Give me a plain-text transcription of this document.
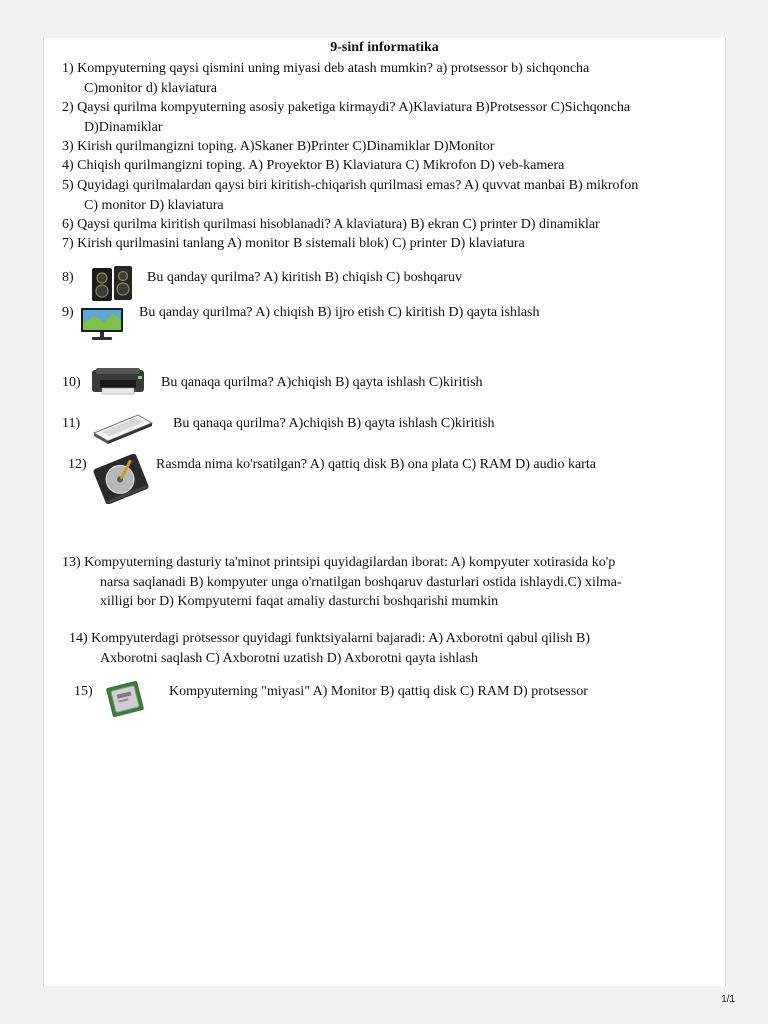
9-sinf informatika
1) Kompyuterning qaysi qismini uning miyasi deb atash mumkin? a) protsessor b) sichqoncha
C)monitor d) klaviatura
2) Qaysi qurilma kompyuterning asosiy paketiga kirmaydi? A)Klaviatura B)Protsessor C)Sichqoncha
D)Dinamiklar
3) Kirish qurilmangizni toping. A)Skaner B)Printer C)Dinamiklar D)Monitor
4) Chiqish qurilmangizni toping. A) Proyektor B) Klaviatura C) Mikrofon D) veb-kamera
5) Quyidagi qurilmalardan qaysi biri kiritish-chiqarish qurilmasi emas? A) quvvat manbai B) mikrofon
C) monitor D) klaviatura
6) Qaysi qurilma kiritish qurilmasi hisoblanadi? A klaviatura) B) ekran C) printer D) dinamiklar
7) Kirish qurilmasini tanlang A) monitor B sistemali blok) C) printer D) klaviatura
8)	Bu qanday qurilma? A) kiritish B) chiqish C) boshqaruv
9)	Bu qanday qurilma? A) chiqish B) ijro etish C) kiritish D) qayta ishlash
10)	Bu qanaqa qurilma? A)chiqish B) qayta ishlash C)kiritish
11)	Bu qanaqa qurilma? A)chiqish B) qayta ishlash C)kiritish
12)	Rasmda nima ko'rsatilgan? A) qattiq disk B) ona plata C) RAM D) audio karta
13) Kompyuterning dasturiy ta'minot printsipi quyidagilardan iborat: A) kompyuter xotirasida ko'p
narsa saqlanadi B) kompyuter unga o'rnatilgan boshqaruv dasturlari ostida ishlaydi.C) xilma-
xilligi bor D) Kompyuterni faqat amaliy dasturchi boshqarishi mumkin
14) Kompyuterdagi protsessor quyidagi funktsiyalarni bajaradi: A) Axborotni qabul qilish B)
Axborotni saqlash C) Axborotni uzatish D) Axborotni qayta ishlash
15)	Kompyuterning "miyasi" A) Monitor B) qattiq disk C) RAM D) protsessor
1/1
